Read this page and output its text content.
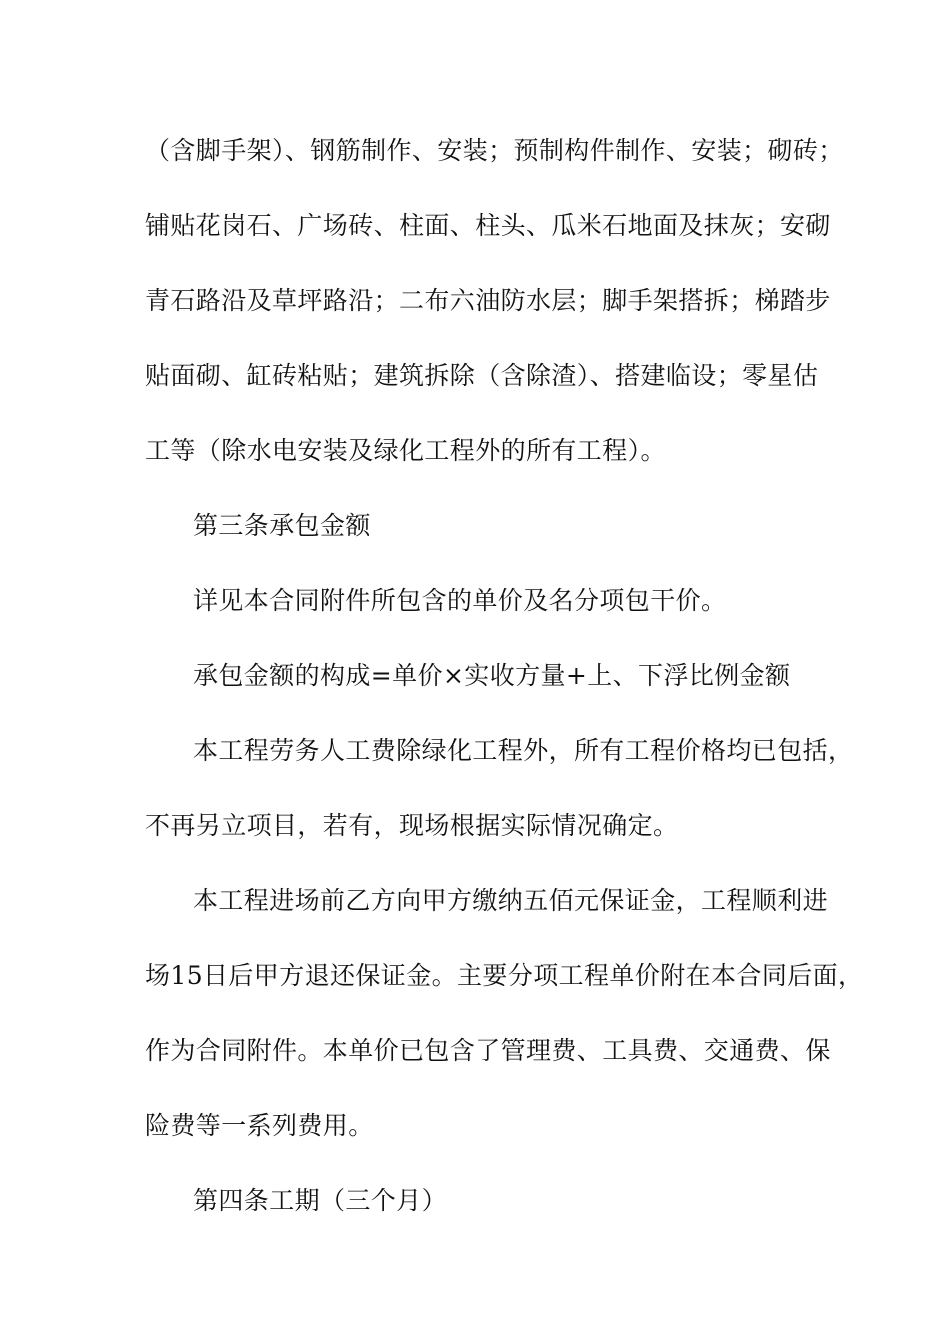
（含脚手架）、钢筋制作、安装；预制构件制作、安装；砌砖；
铺贴花岗石、广场砖、柱面、柱头、瓜米石地面及抹灰；安砌
青石路沿及草坪路沿；二布六油防水层；脚手架搭拆；梯踏步
贴面砌、缸砖粘贴；建筑拆除（含除渣）、搭建临设；零星估
工等（除水电安装及绿化工程外的所有工程）。
第三条承包金额
详见本合同附件所包含的单价及名分项包干价。
承包金额的构成=单价×实收方量+上、下浮比例金额
本工程劳务人工费除绿化工程外，所有工程价格均已包括，
不再另立项目，若有，现场根据实际情况确定。
本工程进场前乙方向甲方缴纳五佰元保证金，工程顺利进
场15日后甲方退还保证金。主要分项工程单价附在本合同后面，
作为合同附件。本单价已包含了管理费、工具费、交通费、保
险费等一系列费用。
第四条工期（三个月）
